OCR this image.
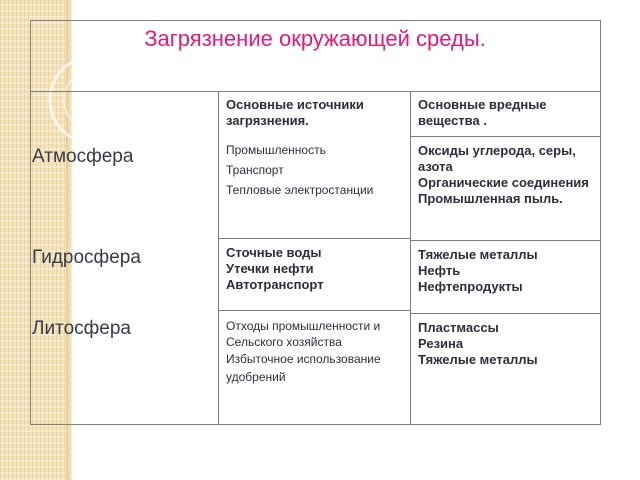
Загрязнение окружающей среды.
Основные источники загрязнения.
Основные вредные вещества .
Атмосфера
Гидросфера
Литосфера
Промышленность
Транспорт
Тепловые электростанции
Оксиды углерода, серы, азота
Органические соединения
Промышленная пыль.
Сточные воды
Утечки нефти
Автотранспорт
Тяжелые металлы
Нефть
Нефтепродукты
Отходы промышленности и Сельского хозяйства
Избыточное использование удобрений
Пластмассы
Резина
Тяжелые металлы
